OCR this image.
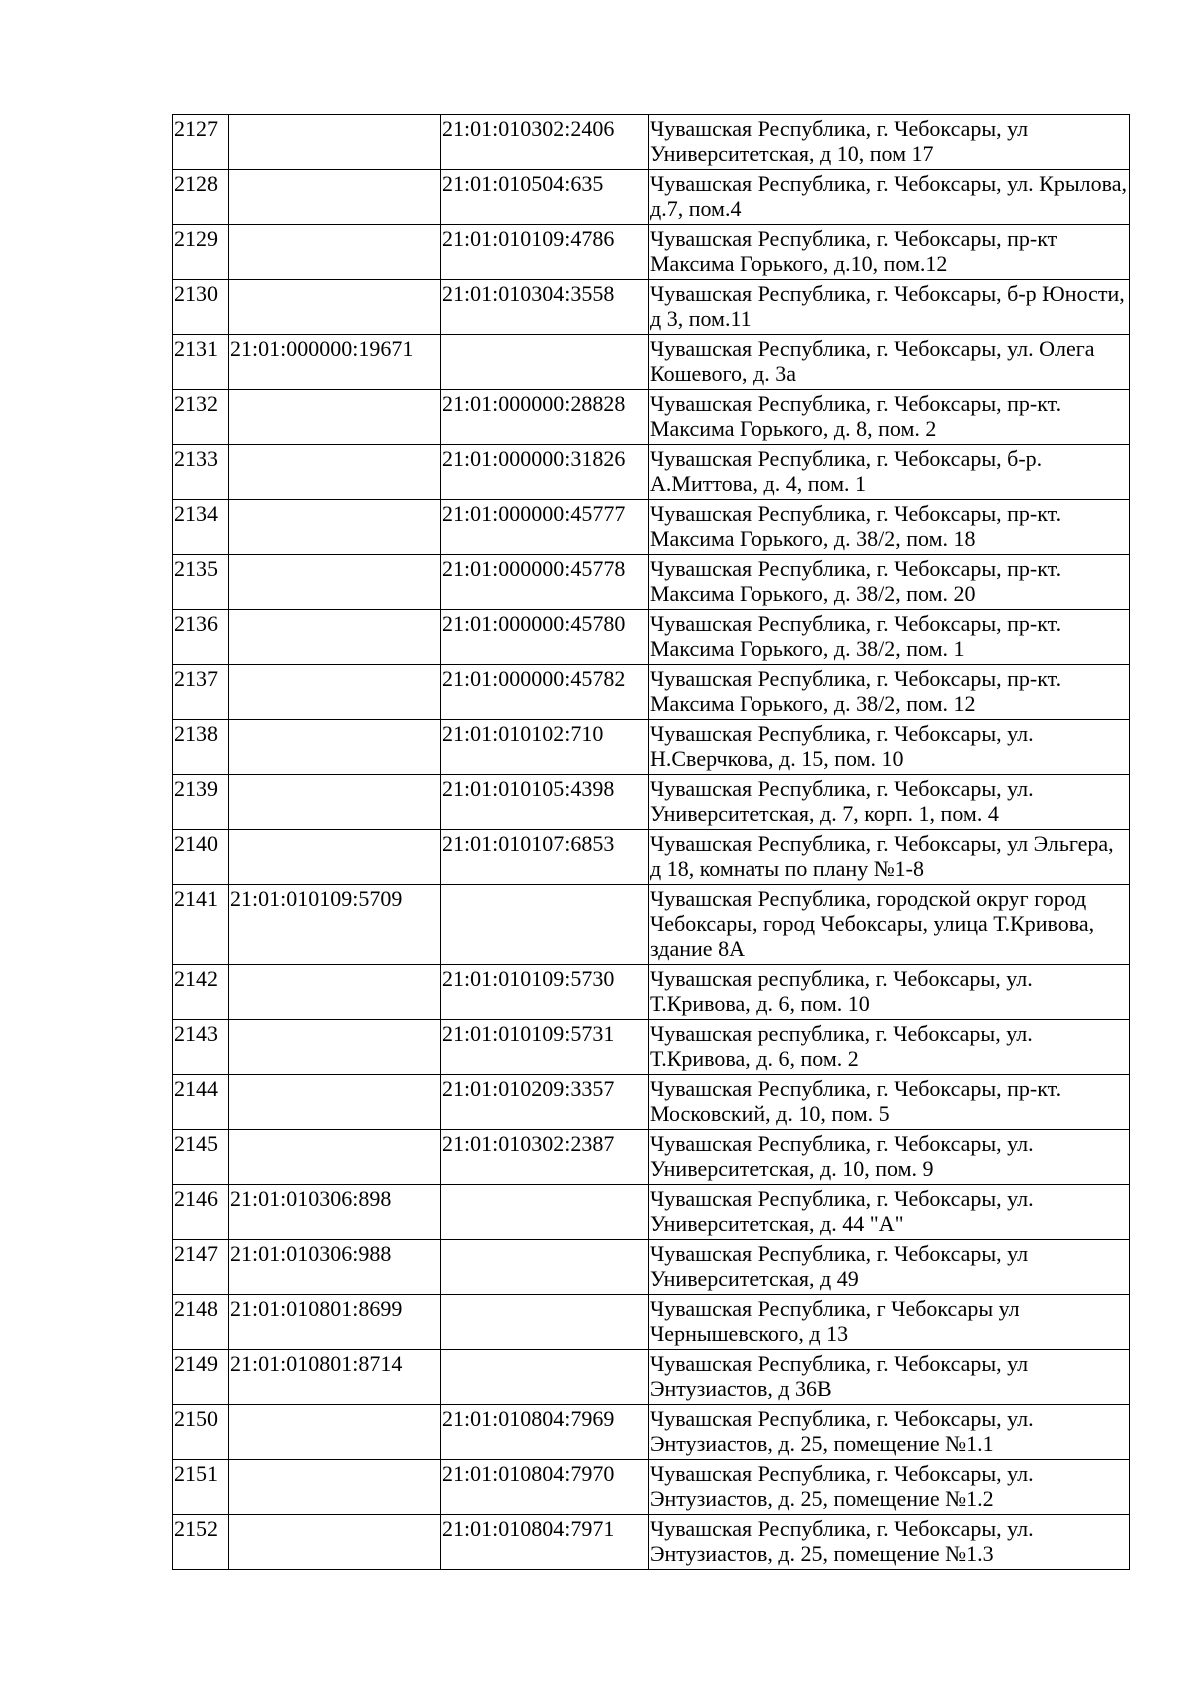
2127		21:01:010302:2406	Чувашская Республика, г. Чебоксары, ул Университетская, д 10, пом 17
2128		21:01:010504:635	Чувашская Республика, г. Чебоксары, ул. Крылова, д.7, пом.4
2129		21:01:010109:4786	Чувашская Республика, г. Чебоксары, пр-кт Максима Горького, д.10, пом.12
2130		21:01:010304:3558	Чувашская Республика, г. Чебоксары, б-р Юности, д 3, пом.11
2131	21:01:000000:19671		Чувашская Республика, г. Чебоксары, ул. Олега Кошевого, д. 3а
2132		21:01:000000:28828	Чувашская Республика, г. Чебоксары, пр-кт. Максима Горького, д. 8, пом. 2
2133		21:01:000000:31826	Чувашская Республика, г. Чебоксары, б-р. А.Миттова, д. 4, пом. 1
2134		21:01:000000:45777	Чувашская Республика, г. Чебоксары, пр-кт. Максима Горького, д. 38/2, пом. 18
2135		21:01:000000:45778	Чувашская Республика, г. Чебоксары, пр-кт. Максима Горького, д. 38/2, пом. 20
2136		21:01:000000:45780	Чувашская Республика, г. Чебоксары, пр-кт. Максима Горького, д. 38/2, пом. 1
2137		21:01:000000:45782	Чувашская Республика, г. Чебоксары, пр-кт. Максима Горького, д. 38/2, пом. 12
2138		21:01:010102:710	Чувашская Республика, г. Чебоксары, ул. Н.Сверчкова, д. 15, пом. 10
2139		21:01:010105:4398	Чувашская Республика, г. Чебоксары, ул. Университетская, д. 7, корп. 1, пом. 4
2140		21:01:010107:6853	Чувашская Республика, г. Чебоксары, ул Эльгера, д 18, комнаты по плану №1-8
2141	21:01:010109:5709		Чувашская Республика, городской округ город Чебоксары, город Чебоксары, улица Т.Кривова, здание 8А
2142		21:01:010109:5730	Чувашская республика, г. Чебоксары, ул. Т.Кривова, д. 6, пом. 10
2143		21:01:010109:5731	Чувашская республика, г. Чебоксары, ул. Т.Кривова, д. 6, пом. 2
2144		21:01:010209:3357	Чувашская Республика, г. Чебоксары, пр-кт. Московский, д. 10, пом. 5
2145		21:01:010302:2387	Чувашская Республика, г. Чебоксары, ул. Университетская, д. 10, пом. 9
2146	21:01:010306:898		Чувашская Республика, г. Чебоксары, ул. Университетская, д. 44 "А"
2147	21:01:010306:988		Чувашская Республика, г. Чебоксары, ул Университетская, д 49
2148	21:01:010801:8699		Чувашская Республика, г Чебоксары ул Чернышевского, д 13
2149	21:01:010801:8714		Чувашская Республика, г. Чебоксары, ул Энтузиастов, д 36В
2150		21:01:010804:7969	Чувашская Республика, г. Чебоксары, ул. Энтузиастов, д. 25, помещение №1.1
2151		21:01:010804:7970	Чувашская Республика, г. Чебоксары, ул. Энтузиастов, д. 25, помещение №1.2
2152		21:01:010804:7971	Чувашская Республика, г. Чебоксары, ул. Энтузиастов, д. 25, помещение №1.3
